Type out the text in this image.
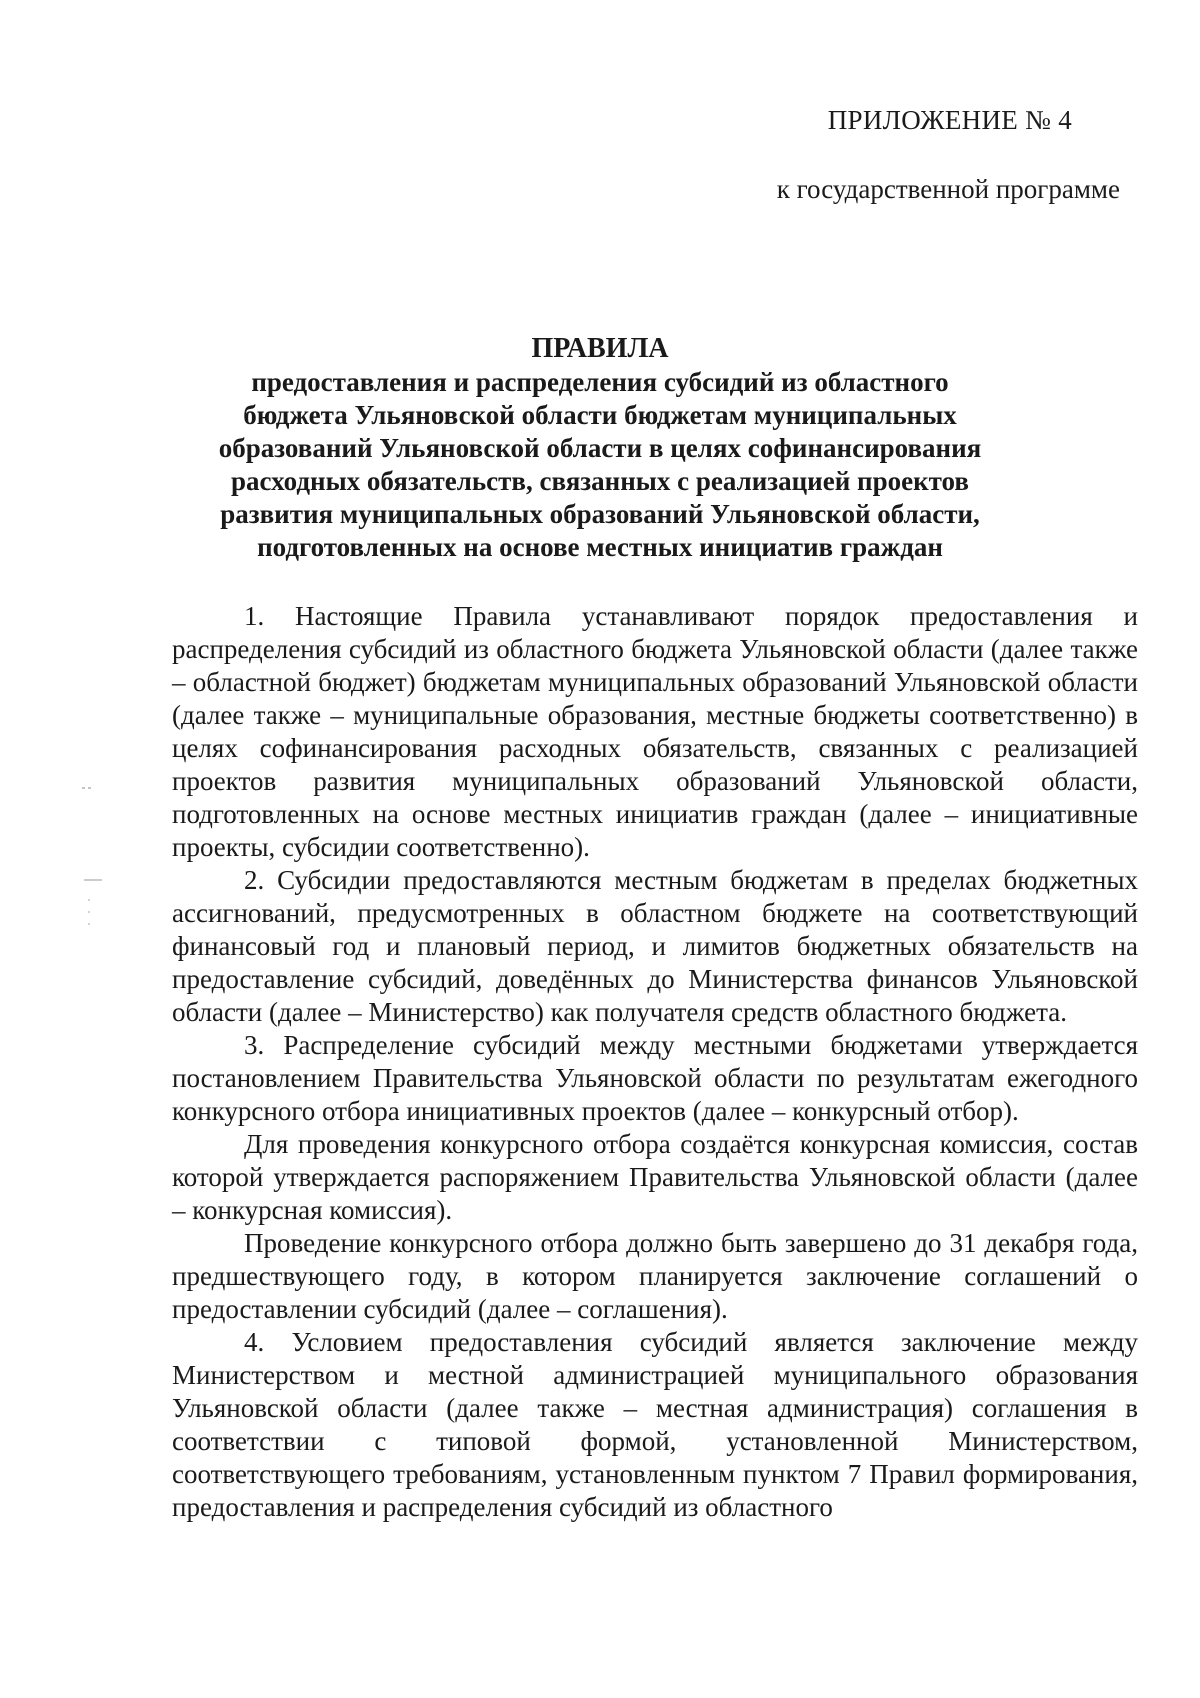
ПРИЛОЖЕНИЕ № 4
к государственной программе
ПРАВИЛА
предоставления и распределения субсидий из областного
бюджета Ульяновской области бюджетам муниципальных
образований Ульяновской области в целях софинансирования
расходных обязательств, связанных с реализацией проектов
развития муниципальных образований Ульяновской области,
подготовленных на основе местных инициатив граждан

1. Настоящие Правила устанавливают порядок предоставления и распределения субсидий из областного бюджета Ульяновской области (далее также – областной бюджет) бюджетам муниципальных образований Ульяновской области (далее также – муниципальные образования, местные бюджеты соответственно) в целях софинансирования расходных обязательств, связанных с реализацией проектов развития муниципальных образований Ульяновской области, подготовленных на основе местных инициатив граждан (далее – инициативные проекты, субсидии соответственно).

2. Субсидии предоставляются местным бюджетам в пределах бюджетных ассигнований, предусмотренных в областном бюджете на соответствующий финансовый год и плановый период, и лимитов бюджетных обязательств на предоставление субсидий, доведённых до Министерства финансов Ульяновской области (далее – Министерство) как получателя средств областного бюджета.

3. Распределение субсидий между местными бюджетами утверждается постановлением Правительства Ульяновской области по результатам ежегодного конкурсного отбора инициативных проектов (далее – конкурсный отбор).

Для проведения конкурсного отбора создаётся конкурсная комиссия, состав которой утверждается распоряжением Правительства Ульяновской области (далее – конкурсная комиссия).

Проведение конкурсного отбора должно быть завершено до 31 декабря года, предшествующего году, в котором планируется заключение соглашений о предоставлении субсидий (далее – соглашения).

4. Условием предоставления субсидий является заключение между Министерством и местной администрацией муниципального образования Ульяновской области (далее также – местная администрация) соглашения в соответствии с типовой формой, установленной Министерством, соответствующего требованиям, установленным пунктом 7 Правил формирования, предоставления и распределения субсидий из областного
